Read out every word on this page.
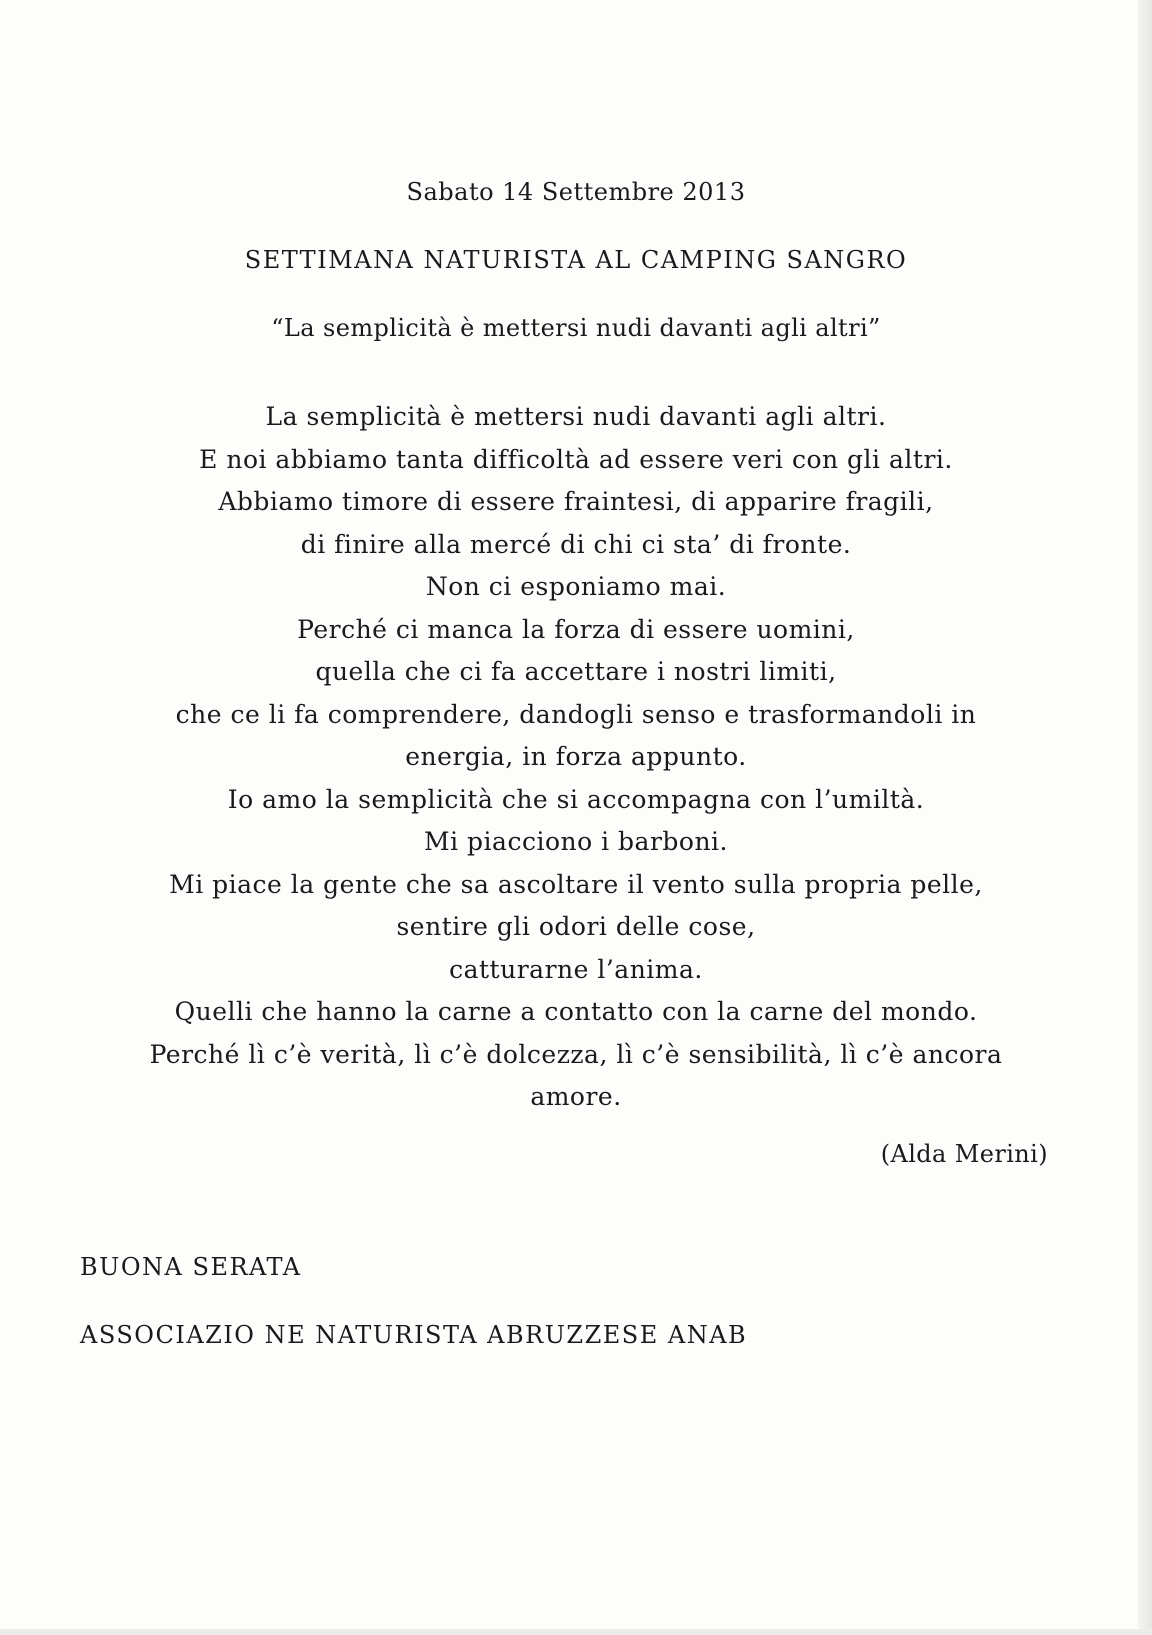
Sabato 14 Settembre 2013
SETTIMANA NATURISTA AL CAMPING SANGRO
“La semplicità è mettersi nudi davanti agli altri”
La semplicità è mettersi nudi davanti agli altri.
E noi abbiamo tanta difficoltà ad essere veri con gli altri.
Abbiamo timore di essere fraintesi, di apparire fragili,
di finire alla mercé di chi ci sta’ di fronte.
Non ci esponiamo mai.
Perché ci manca la forza di essere uomini,
quella che ci fa accettare i nostri limiti,
che ce li fa comprendere, dandogli senso e trasformandoli in
energia, in forza appunto.
Io amo la semplicità che si accompagna con l’umiltà.
Mi piacciono i barboni.
Mi piace la gente che sa ascoltare il vento sulla propria pelle,
sentire gli odori delle cose,
catturarne l’anima.
Quelli che hanno la carne a contatto con la carne del mondo.
Perché lì c’è verità, lì c’è dolcezza, lì c’è sensibilità, lì c’è ancora
amore.
(Alda Merini)
BUONA SERATA
ASSOCIAZIO NE NATURISTA ABRUZZESE ANAB
